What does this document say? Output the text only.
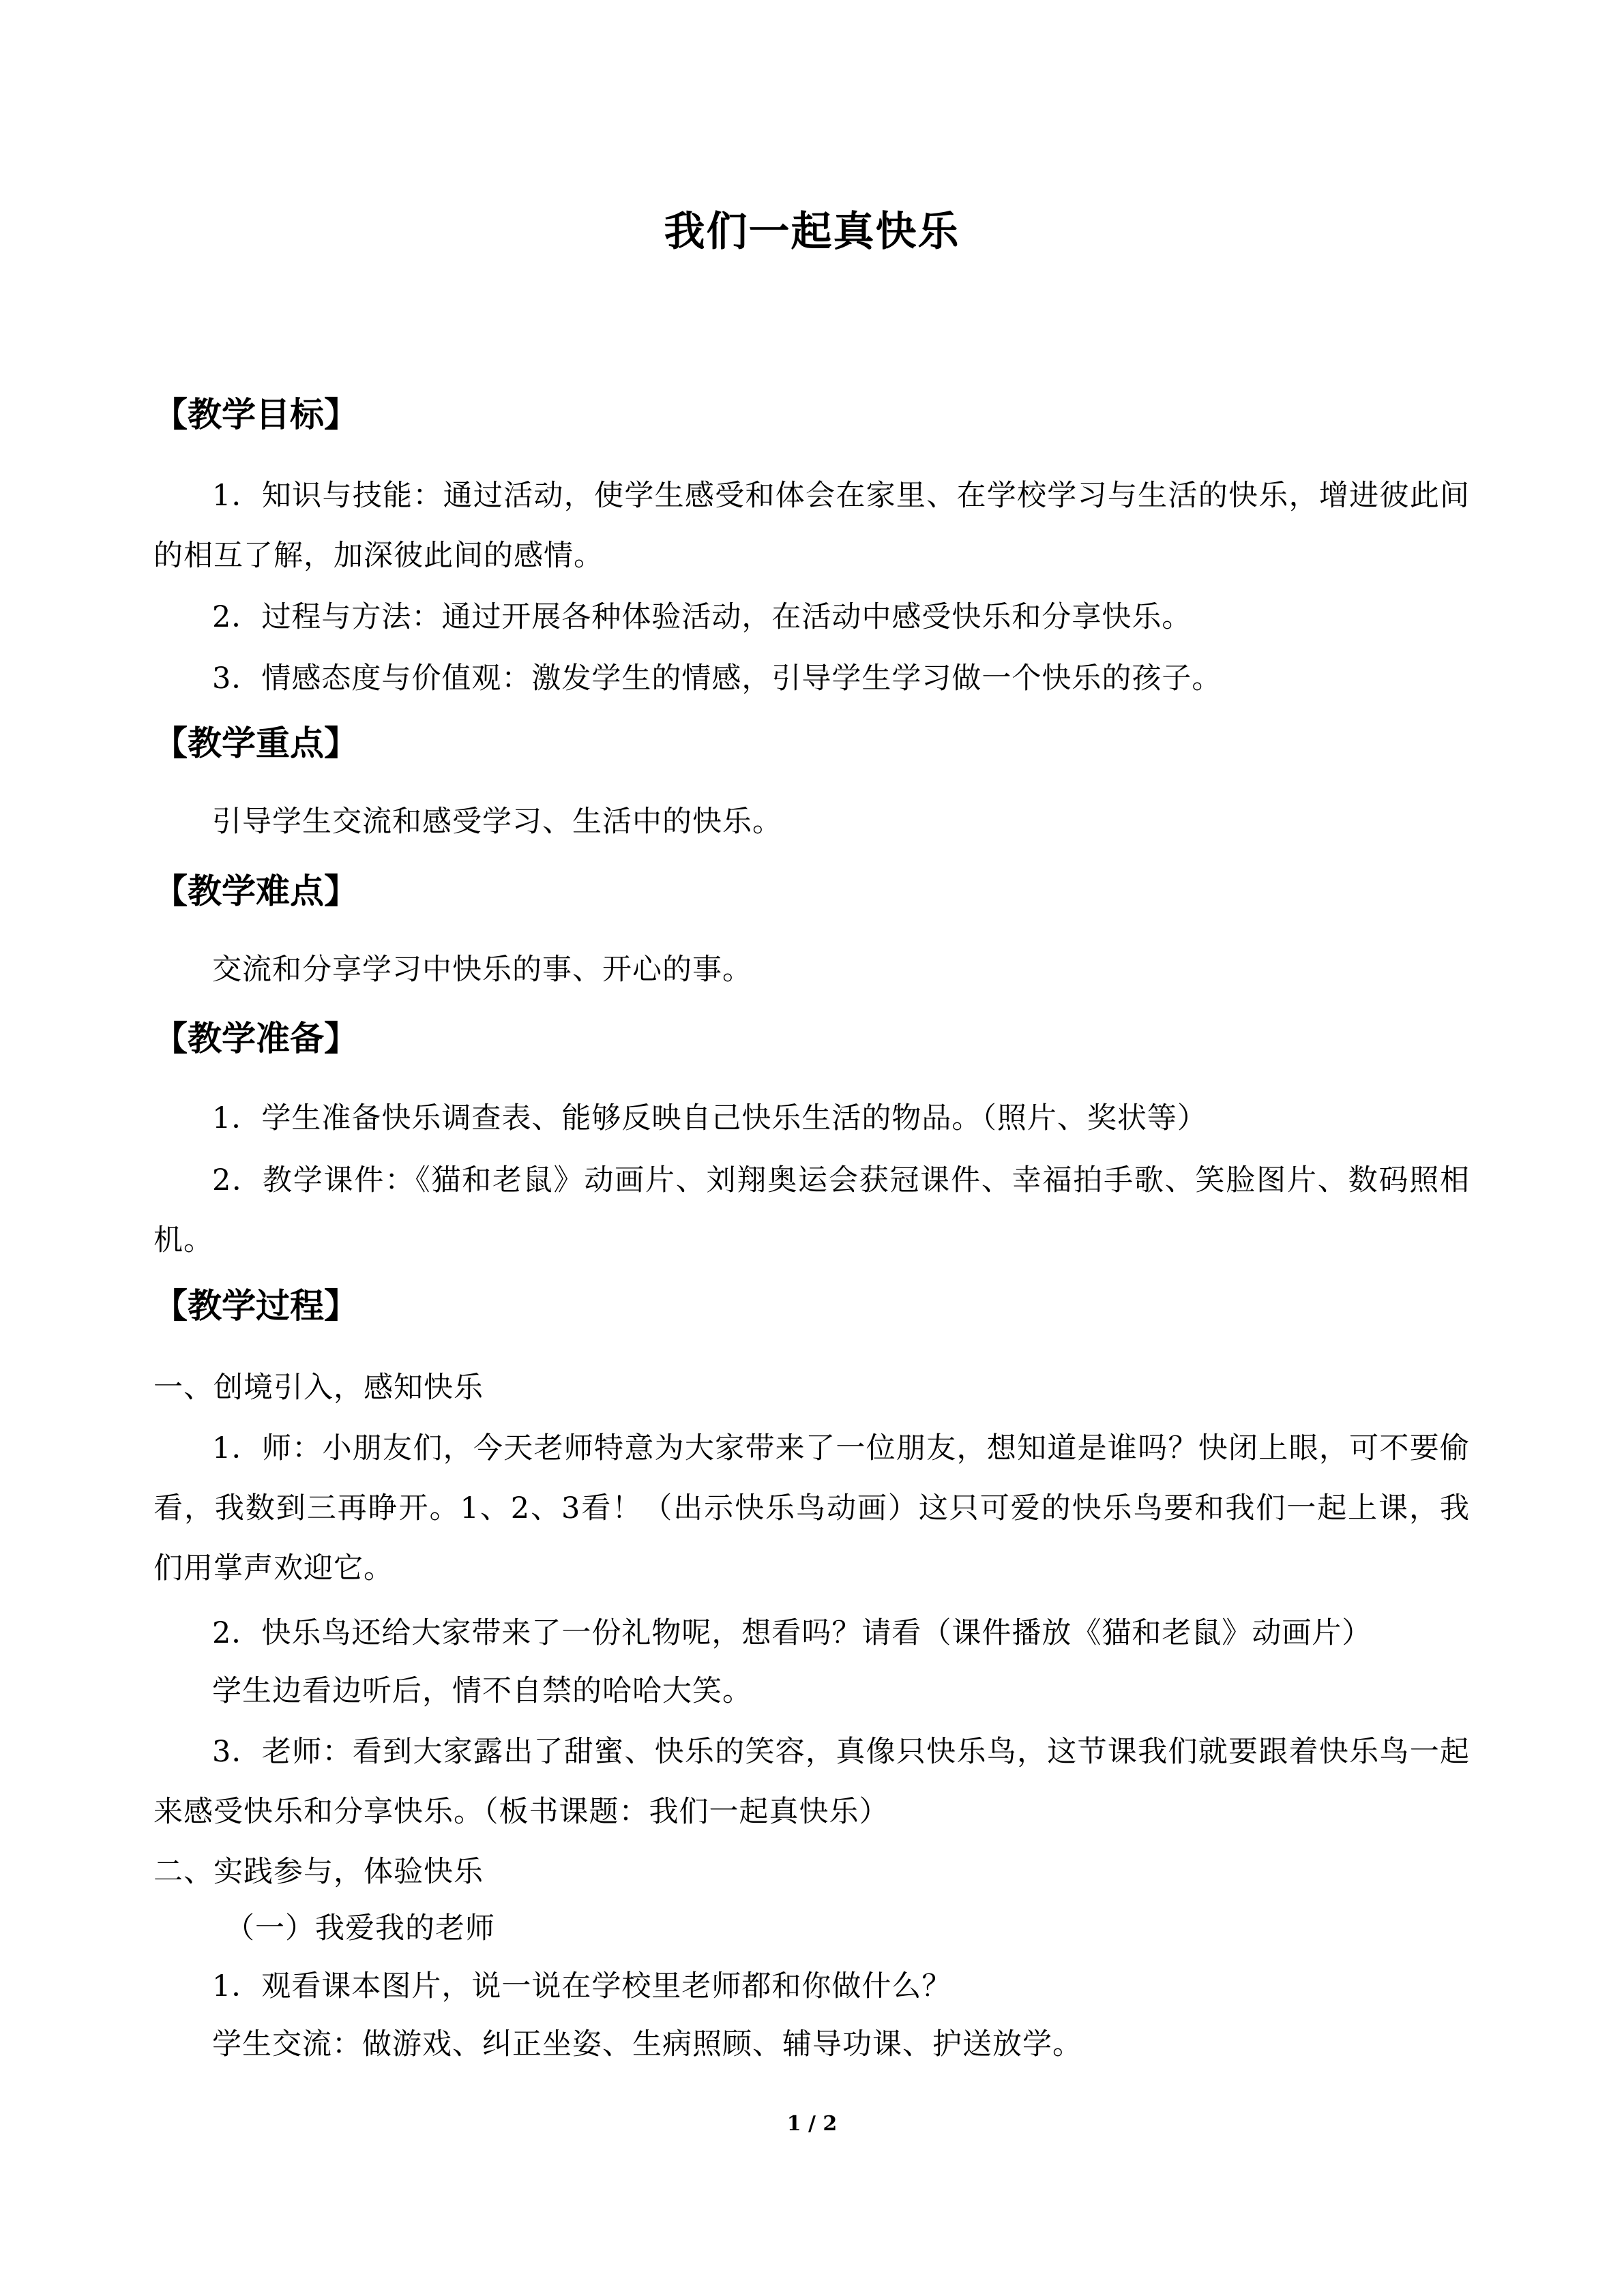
我们一起真快乐
【教学目标】
1．知识与技能：通过活动，使学生感受和体会在家里、在学校学习与生活的快乐，增进彼此间的相互了解，加深彼此间的感情。
2．过程与方法：通过开展各种体验活动，在活动中感受快乐和分享快乐。
3．情感态度与价值观：激发学生的情感，引导学生学习做一个快乐的孩子。
【教学重点】
引导学生交流和感受学习、生活中的快乐。
【教学难点】
交流和分享学习中快乐的事、开心的事。
【教学准备】
1．学生准备快乐调查表、能够反映自己快乐生活的物品。（照片、奖状等）
2．教学课件：《猫和老鼠》动画片、刘翔奥运会获冠课件、幸福拍手歌、笑脸图片、数码照相机。
【教学过程】
一、创境引入，感知快乐
1．师：小朋友们，今天老师特意为大家带来了一位朋友，想知道是谁吗？快闭上眼，可不要偷看，我数到三再睁开。1、2、3看！（出示快乐鸟动画）这只可爱的快乐鸟要和我们一起上课，我们用掌声欢迎它。
2．快乐鸟还给大家带来了一份礼物呢，想看吗？请看（课件播放《猫和老鼠》动画片）
学生边看边听后，情不自禁的哈哈大笑。
3．老师：看到大家露出了甜蜜、快乐的笑容，真像只快乐鸟，这节课我们就要跟着快乐鸟一起来感受快乐和分享快乐。（板书课题：我们一起真快乐）
二、实践参与，体验快乐
（一）我爱我的老师
1．观看课本图片，说一说在学校里老师都和你做什么？
学生交流：做游戏、纠正坐姿、生病照顾、辅导功课、护送放学。
1 / 2
